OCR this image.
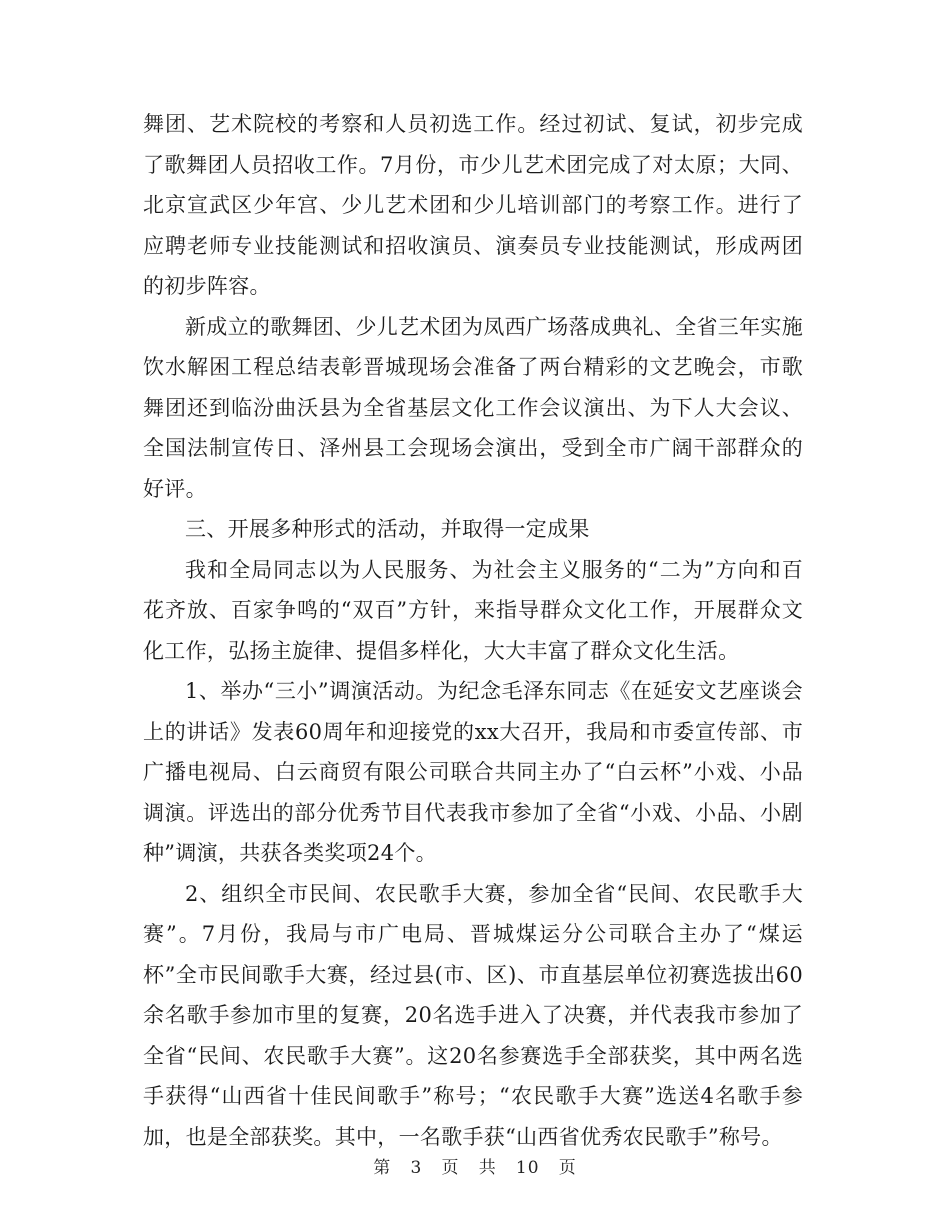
舞团、艺术院校的考察和人员初选工作。经过初试、复试，初步完成了歌舞团人员招收工作。7月份，市少儿艺术团完成了对太原；大同、北京宣武区少年宫、少儿艺术团和少儿培训部门的考察工作。进行了应聘老师专业技能测试和招收演员、演奏员专业技能测试，形成两团的初步阵容。

新成立的歌舞团、少儿艺术团为凤西广场落成典礼、全省三年实施饮水解困工程总结表彰晋城现场会准备了两台精彩的文艺晚会，市歌舞团还到临汾曲沃县为全省基层文化工作会议演出、为下人大会议、全国法制宣传日、泽州县工会现场会演出，受到全市广阔干部群众的好评。

三、开展多种形式的活动，并取得一定成果

我和全局同志以为人民服务、为社会主义服务的“二为”方向和百花齐放、百家争鸣的“双百”方针，来指导群众文化工作，开展群众文化工作，弘扬主旋律、提倡多样化，大大丰富了群众文化生活。

1、举办“三小”调演活动。为纪念毛泽东同志《在延安文艺座谈会上的讲话》发表60周年和迎接党的xx大召开，我局和市委宣传部、市广播电视局、白云商贸有限公司联合共同主办了“白云杯”小戏、小品调演。评选出的部分优秀节目代表我市参加了全省“小戏、小品、小剧种”调演，共获各类奖项24个。

2、组织全市民间、农民歌手大赛，参加全省“民间、农民歌手大赛”。7月份，我局与市广电局、晋城煤运分公司联合主办了“煤运杯”全市民间歌手大赛，经过县(市、区)、市直基层单位初赛选拔出60余名歌手参加市里的复赛，20名选手进入了决赛，并代表我市参加了全省“民间、农民歌手大赛”。这20名参赛选手全部获奖，其中两名选手获得“山西省十佳民间歌手”称号；“农民歌手大赛”选送4名歌手参加，也是全部获奖。其中，一名歌手获“山西省优秀农民歌手”称号。

第 3 页 共 10 页
